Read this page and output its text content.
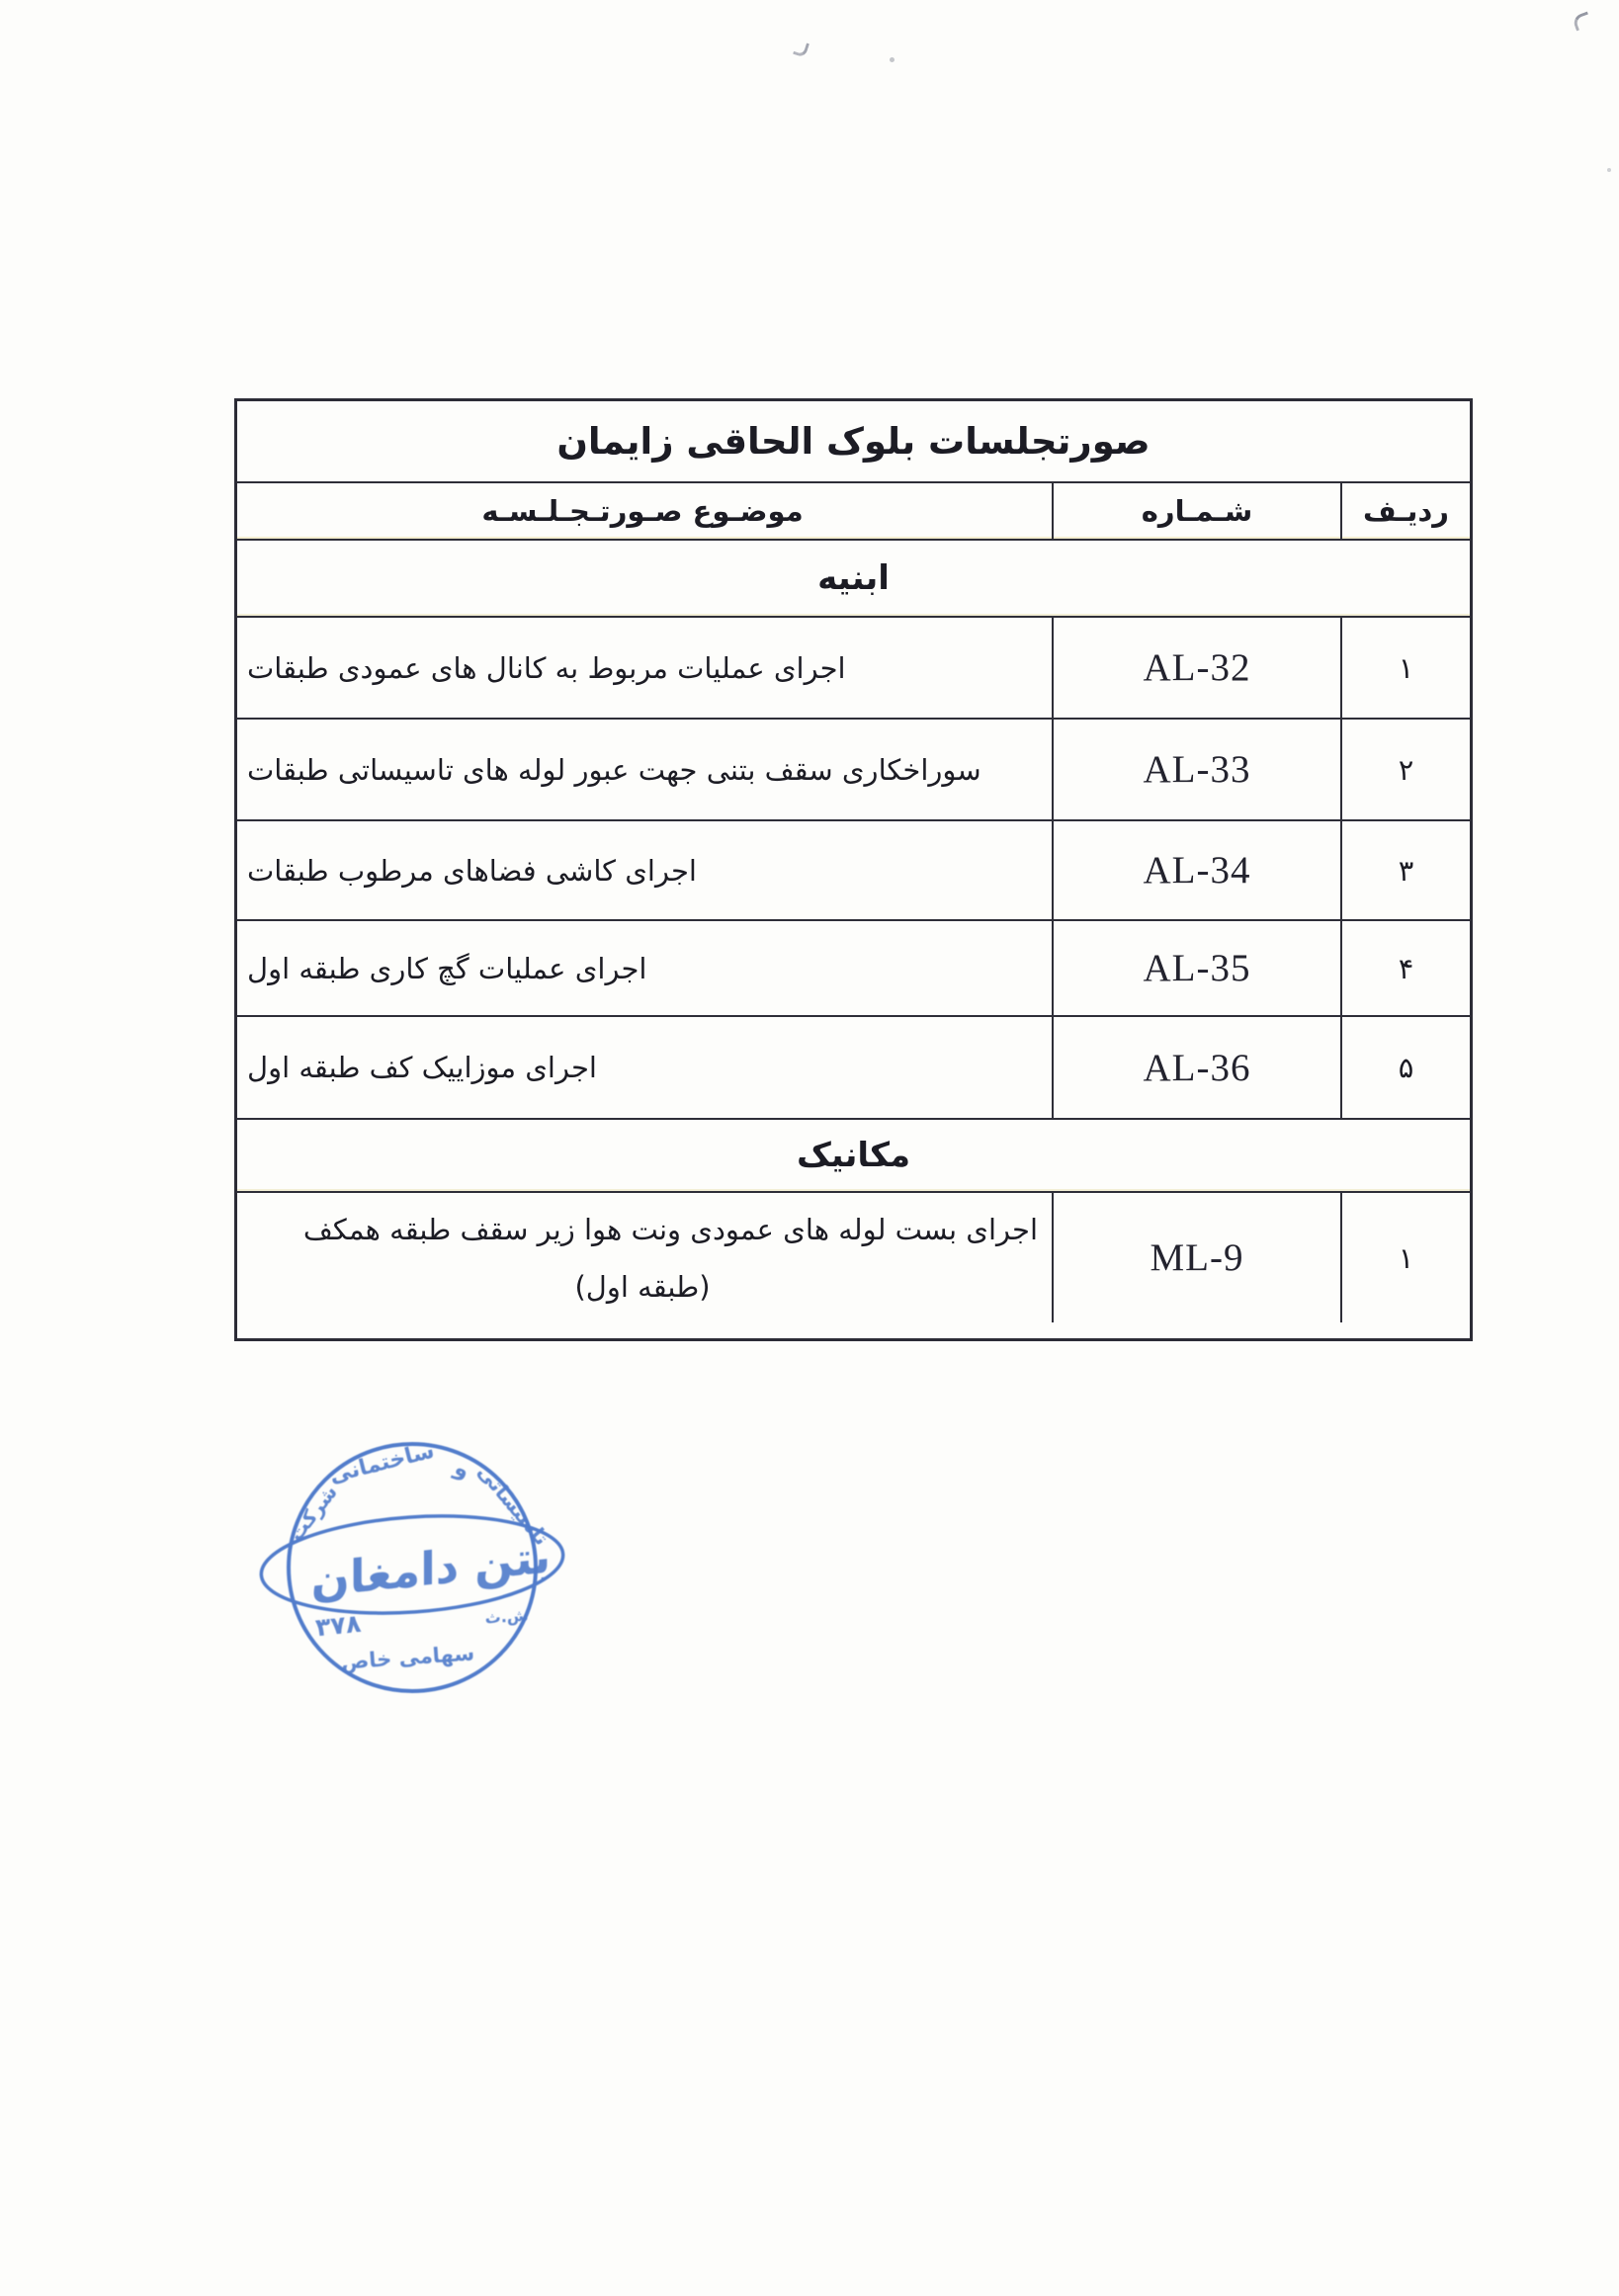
صورتجلسات بلوک الحاقی زایمان
ردیـف
شـمـاره
موضـوع صـورتـجـلـسـه
ابنیه
۱
AL-32
اجرای عملیات مربوط به کانال های عمودی طبقات
۲
AL-33
سوراخکاری سقف بتنی جهت عبور لوله های تاسیساتی طبقات
۳
AL-34
اجرای کاشی فضاهای مرطوب طبقات
۴
AL-35
اجرای عملیات گچ کاری طبقه اول
۵
AL-36
اجرای موزاییک کف طبقه اول
مکانیک
۱
ML-9
اجرای بست لوله های عمودی ونت هوا زیر سقف طبقه همکف
(طبقه اول)
شرکت
ساختمانی و تاسیساتی
بتن دامغان
ش.ث
۳۷۸
سهامی خاص
